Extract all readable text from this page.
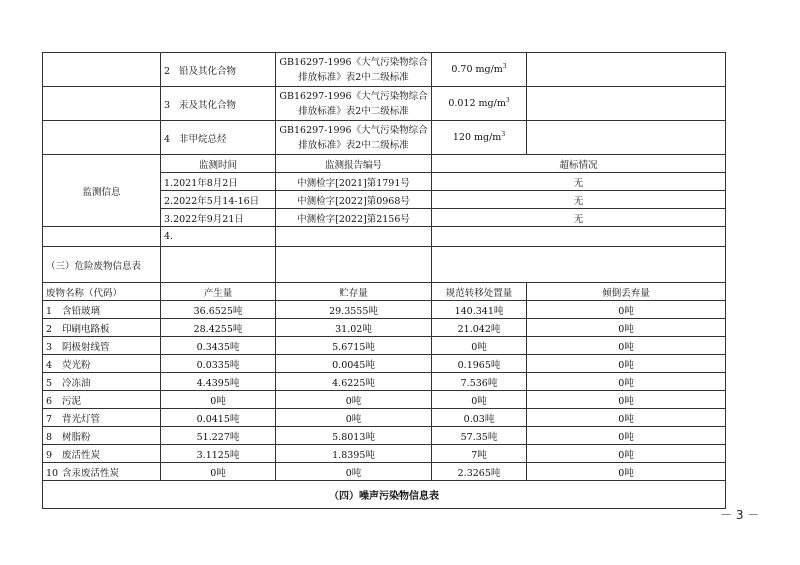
	2 铅及其化合物	GB16297-1996《大气污染物综合排放标准》表2中二级标准	0.70 $mg/m^3$	
	3 汞及其化合物	GB16297-1996《大气污染物综合排放标准》表2中二级标准	0.012 $mg/m^3$	
	4 非甲烷总烃	GB16297-1996《大气污染物综合排放标准》表2中二级标准	120 $mg/m^3$	
监测信息	监测时间	监测报告编号	超标情况	
	1.2021年8月2日	中测检字[2021]第1791号	无	
	2.2022年5月14-16日	中测检字[2022]第0968号	无	
	3.2022年9月21日	中测检字[2022]第2156号	无	
	4.			
（三）危险废物信息表				
废物名称（代码）	产生量	贮存量	规范转移处置量	倾倒丢弃量
1 含铅玻璃	36.6525吨	29.3555吨	140.341吨	0吨
2 印刷电路板	28.4255吨	31.02吨	21.042吨	0吨
3 阴极射线管	0.3435吨	5.6715吨	0吨	0吨
4 荧光粉	0.0335吨	0.0045吨	0.1965吨	0吨
5 冷冻油	4.4395吨	4.6225吨	7.536吨	0吨
6 污泥	0吨	0吨	0吨	0吨
7 背光灯管	0.0415吨	0吨	0.03吨	0吨
8 树脂粉	51.227吨	5.8013吨	57.35吨	0吨
9 废活性炭	3.1125吨	1.8395吨	7吨	0吨
10 含汞废活性炭	0吨	0吨	2.3265吨	0吨
（四）噪声污染物信息表				
－ 3 －
